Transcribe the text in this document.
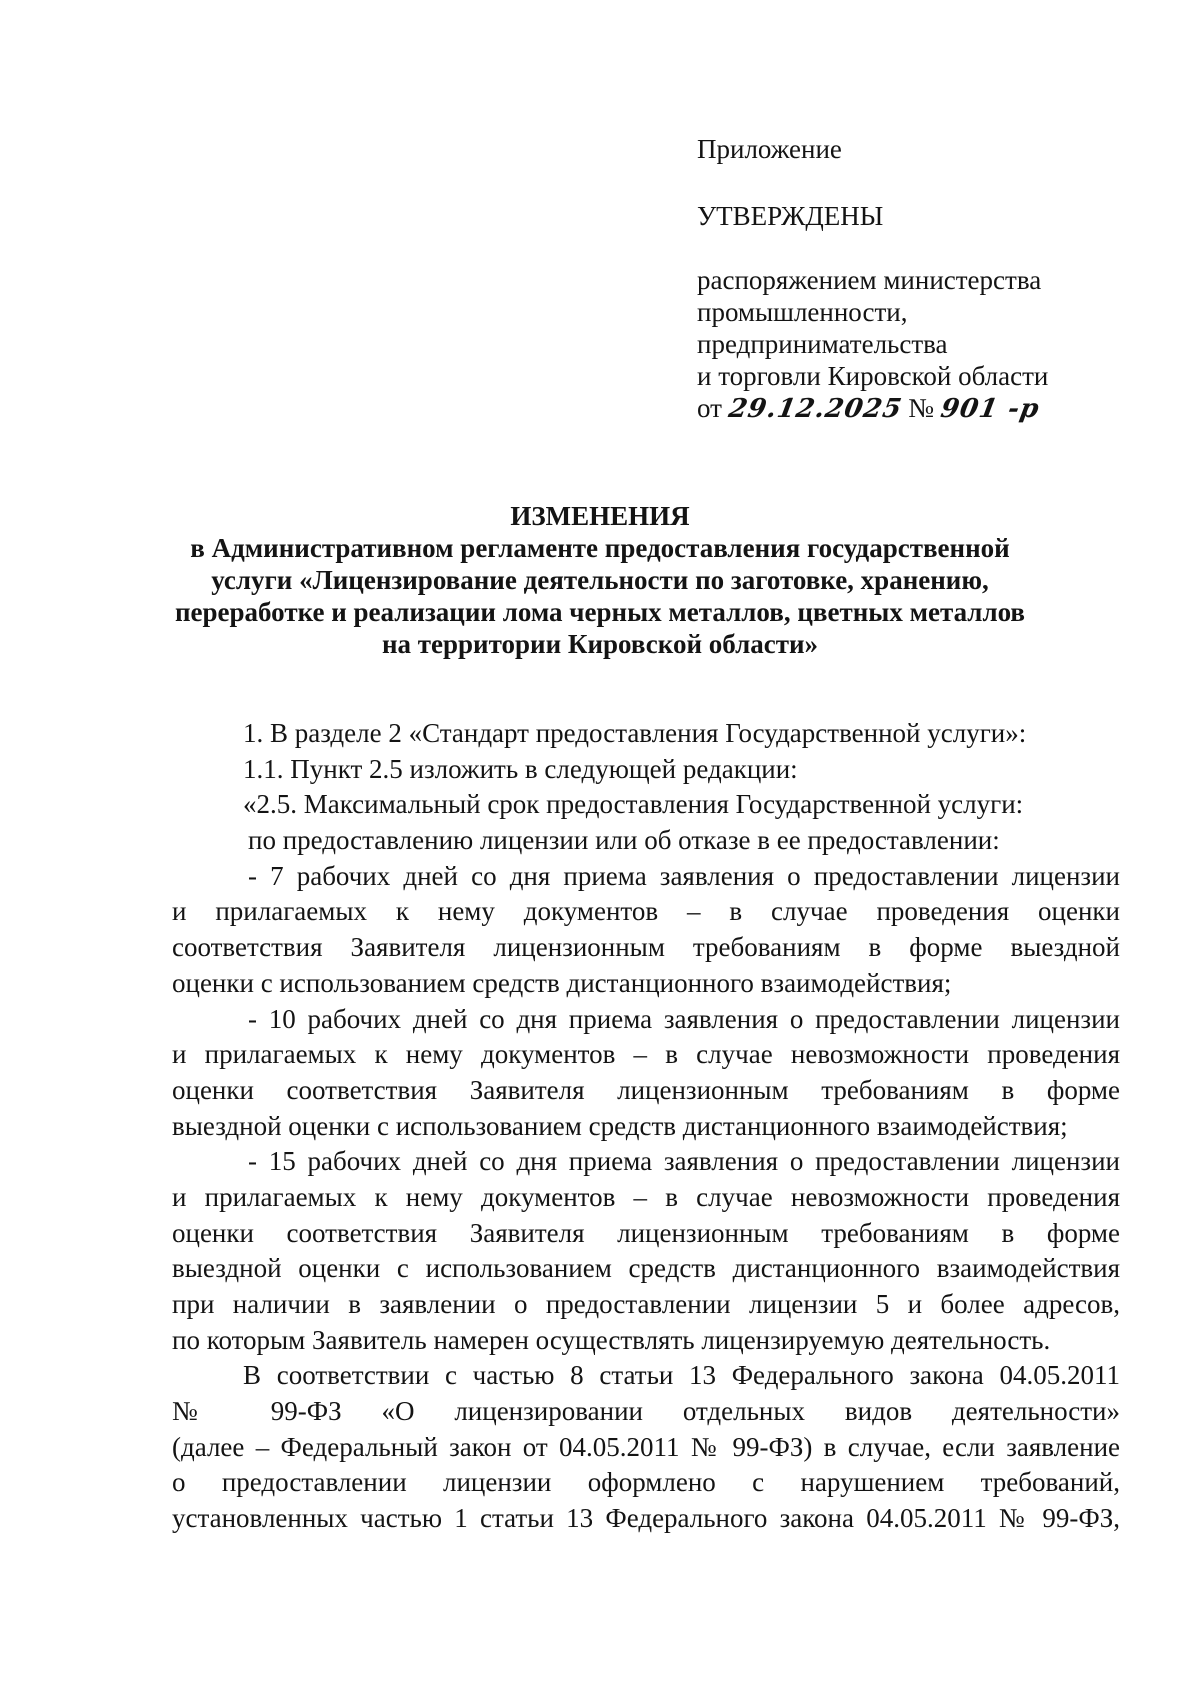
Приложение
УТВЕРЖДЕНЫ
распоряжением министерства
промышленности,
предпринимательства
и торговли Кировской области
от 29.12.2025 № 901 -р
ИЗМЕНЕНИЯ
в Административном регламенте предоставления государственной
услуги «Лицензирование деятельности по заготовке, хранению,
переработке и реализации лома черных металлов, цветных металлов
на территории Кировской области»
1. В разделе 2 «Стандарт предоставления Государственной услуги»:
1.1. Пункт 2.5 изложить в следующей редакции:
«2.5. Максимальный срок предоставления Государственной услуги:
по предоставлению лицензии или об отказе в ее предоставлении:
- 7 рабочих дней со дня приема заявления о предоставлении лицензии
и прилагаемых к нему документов – в случае проведения оценки
соответствия Заявителя лицензионным требованиям в форме выездной
оценки с использованием средств дистанционного взаимодействия;
- 10 рабочих дней со дня приема заявления о предоставлении лицензии
и прилагаемых к нему документов – в случае невозможности проведения
оценки соответствия Заявителя лицензионным требованиям в форме
выездной оценки с использованием средств дистанционного взаимодействия;
- 15 рабочих дней со дня приема заявления о предоставлении лицензии
и прилагаемых к нему документов – в случае невозможности проведения
оценки соответствия Заявителя лицензионным требованиям в форме
выездной оценки с использованием средств дистанционного взаимодействия
при наличии в заявлении о предоставлении лицензии 5 и более адресов,
по которым Заявитель намерен осуществлять лицензируемую деятельность.
В соответствии с частью 8 статьи 13 Федерального закона 04.05.2011
№ 99-ФЗ «О лицензировании отдельных видов деятельности»
(далее – Федеральный закон от 04.05.2011 № 99-ФЗ) в случае, если заявление
о предоставлении лицензии оформлено с нарушением требований,
установленных частью 1 статьи 13 Федерального закона 04.05.2011 № 99-ФЗ,
